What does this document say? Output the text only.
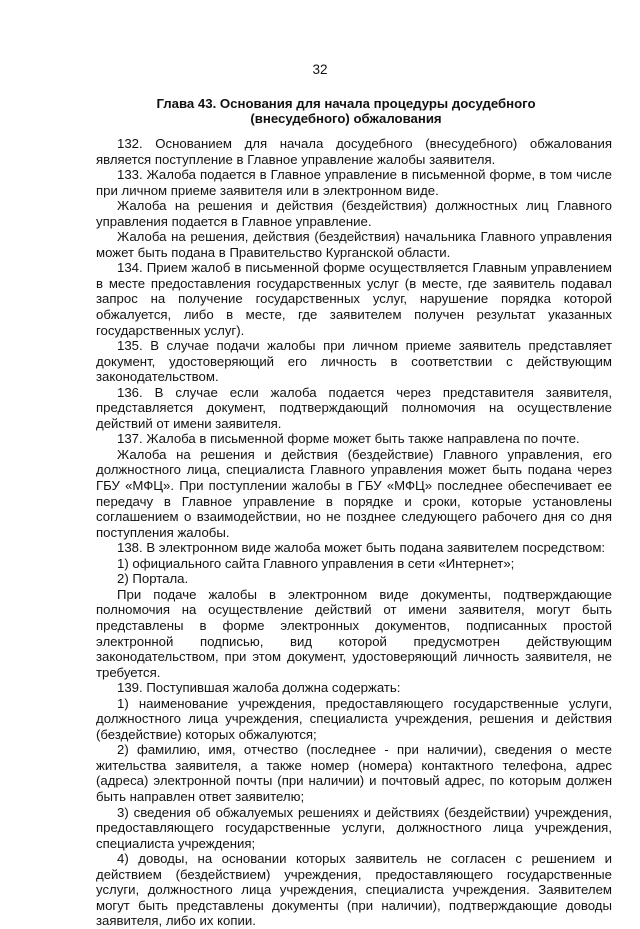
32
Глава 43. Основания для начала процедуры досудебного (внесудебного) обжалования

132. Основанием для начала досудебного (внесудебного) обжалования является поступление в Главное управление жалобы заявителя.

133. Жалоба подается в Главное управление в письменной форме, в том числе при личном приеме заявителя или в электронном виде.

Жалоба на решения и действия (бездействия) должностных лиц Главного управления подается в Главное управление.

Жалоба на решения, действия (бездействия) начальника Главного управления может быть подана в Правительство Курганской области.

134. Прием жалоб в письменной форме осуществляется Главным управлением в месте предоставления государственных услуг (в месте, где заявитель подавал запрос на получение государственных услуг, нарушение порядка которой обжалуется, либо в месте, где заявителем получен результат указанных государственных услуг).

135. В случае подачи жалобы при личном приеме заявитель представляет документ, удостоверяющий его личность в соответствии с действующим законодательством.

136. В случае если жалоба подается через представителя заявителя, представляется документ, подтверждающий полномочия на осуществление действий от имени заявителя.

137. Жалоба в письменной форме может быть также направлена по почте.

Жалоба на решения и действия (бездействие) Главного управления, его должностного лица, специалиста Главного управления может быть подана через ГБУ «МФЦ». При поступлении жалобы в ГБУ «МФЦ» последнее обеспечивает ее передачу в Главное управление в порядке и сроки, которые установлены соглашением о взаимодействии, но не позднее следующего рабочего дня со дня поступления жалобы.

138. В электронном виде жалоба может быть подана заявителем посредством:

1) официального сайта Главного управления в сети «Интернет»;

2) Портала.

При подаче жалобы в электронном виде документы, подтверждающие полномочия на осуществление действий от имени заявителя, могут быть представлены в форме электронных документов, подписанных простой электронной подписью, вид которой предусмотрен действующим законодательством, при этом документ, удостоверяющий личность заявителя, не требуется.

139. Поступившая жалоба должна содержать:

1) наименование учреждения, предоставляющего государственные услуги, должностного лица учреждения, специалиста учреждения, решения и действия (бездействие) которых обжалуются;

2) фамилию, имя, отчество (последнее - при наличии), сведения о месте жительства заявителя, а также номер (номера) контактного телефона, адрес (адреса) электронной почты (при наличии) и почтовый адрес, по которым должен быть направлен ответ заявителю;

3) сведения об обжалуемых решениях и действиях (бездействии) учреждения, предоставляющего государственные услуги, должностного лица учреждения, специалиста учреждения;

4) доводы, на основании которых заявитель не согласен с решением и действием (бездействием) учреждения, предоставляющего государственные услуги, должностного лица учреждения, специалиста учреждения. Заявителем могут быть представлены документы (при наличии), подтверждающие доводы заявителя, либо их копии.
